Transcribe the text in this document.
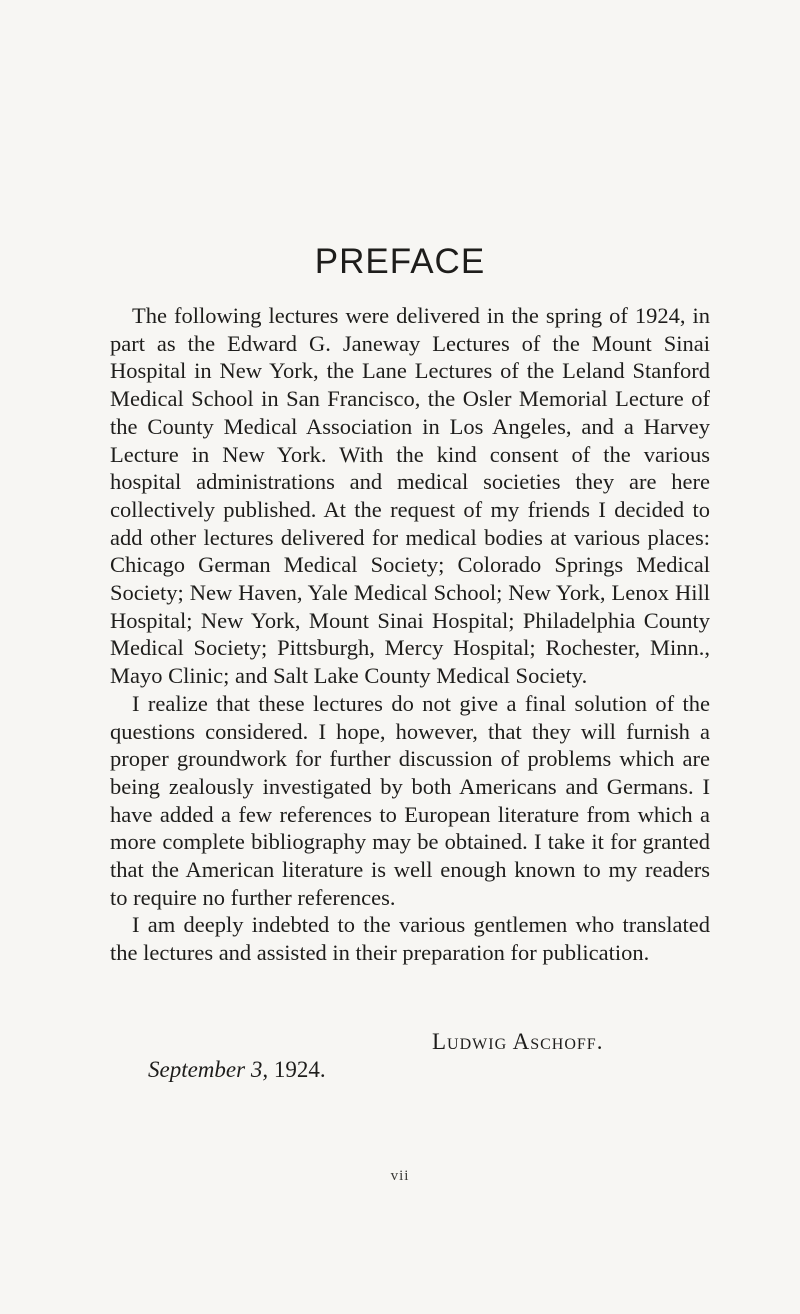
PREFACE

The following lectures were delivered in the spring of 1924, in part as the Edward G. Janeway Lectures of the Mount Sinai Hospital in New York, the Lane Lectures of the Leland Stanford Medical School in San Francisco, the Osler Memorial Lecture of the County Medical Association in Los Angeles, and a Harvey Lecture in New York. With the kind consent of the various hospital administrations and medical societies they are here collectively published. At the request of my friends I decided to add other lectures delivered for medical bodies at various places: Chicago German Medical Society; Colorado Springs Medical Society; New Haven, Yale Medical School; New York, Lenox Hill Hospital; New York, Mount Sinai Hospital; Philadelphia County Medical Society; Pittsburgh, Mercy Hospital; Rochester, Minn., Mayo Clinic; and Salt Lake County Medical Society.

I realize that these lectures do not give a final solution of the questions considered. I hope, however, that they will furnish a proper groundwork for further discussion of problems which are being zealously investigated by both Americans and Germans. I have added a few references to European literature from which a more complete bibliography may be obtained. I take it for granted that the American literature is well enough known to my readers to require no further references.

I am deeply indebted to the various gentlemen who translated the lectures and assisted in their preparation for publication.

Ludwig Aschoff.
September 3, 1924.
vii
